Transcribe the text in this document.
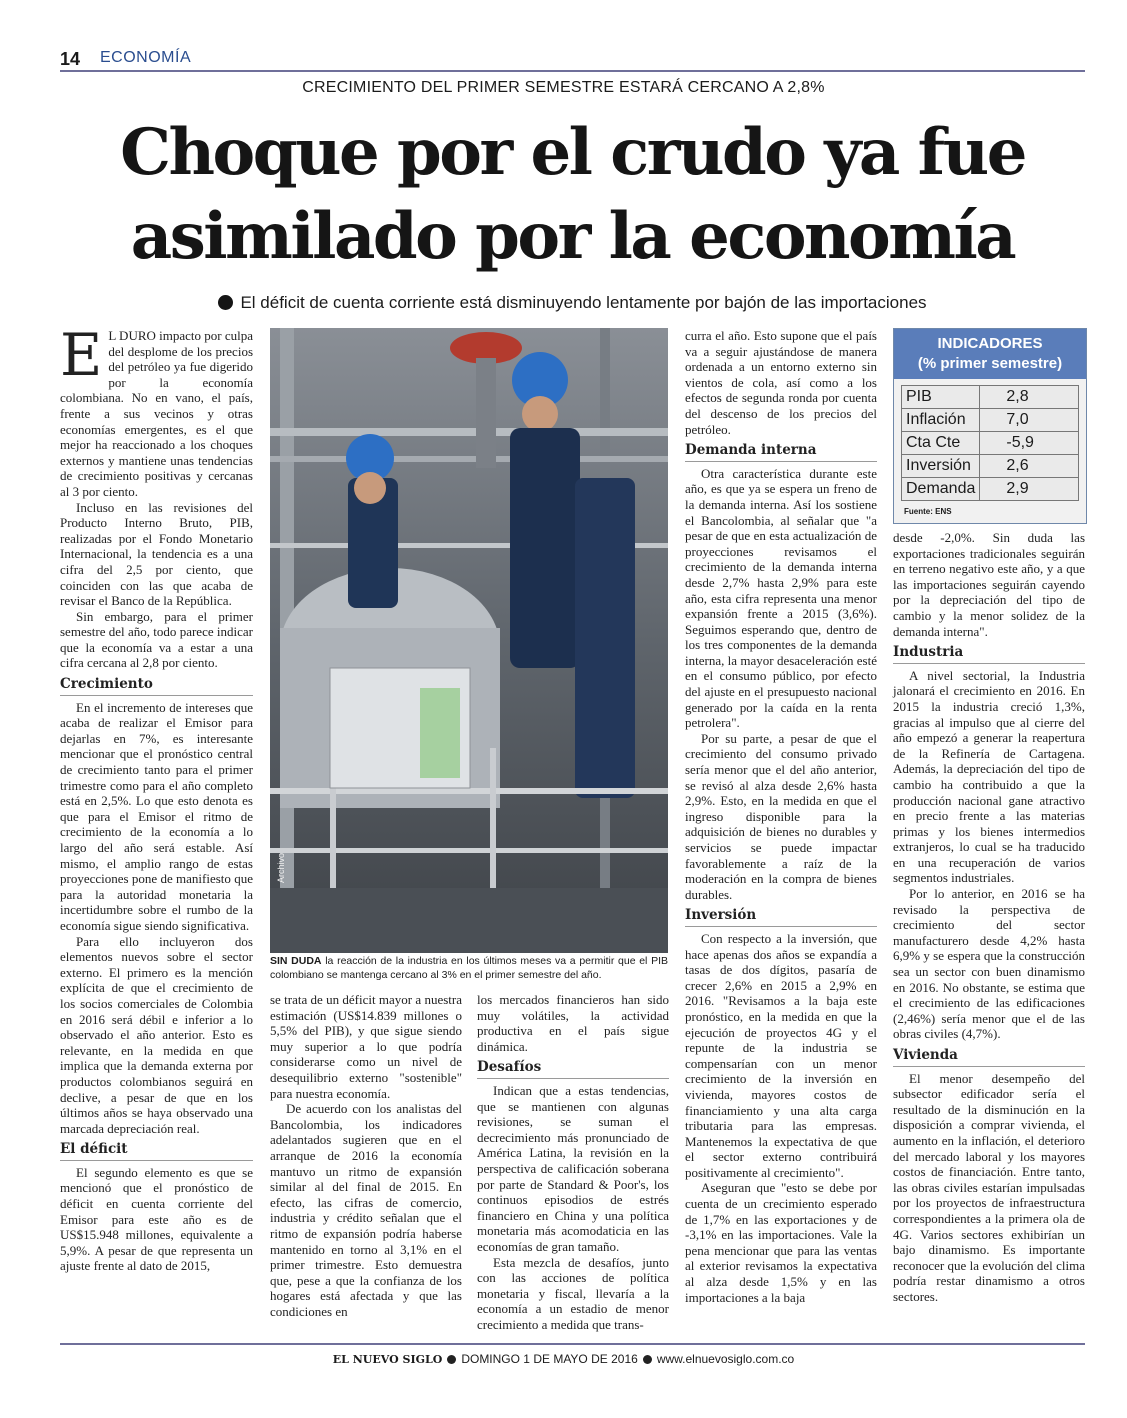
14 ECONOMÍA
CRECIMIENTO DEL PRIMER SEMESTRE ESTARÁ CERCANO A 2,8%
Choque por el crudo ya fue
asimilado por la economía
El déficit de cuenta corriente está disminuyendo lentamente por bajón de las importaciones

E L DURO impacto por culpa del desplome de los precios del petróleo ya fue digerido por la economía colombiana. No en vano, el país, frente a sus vecinos y otras economías emergentes, es el que mejor ha reaccionado a los choques externos y mantiene unas tendencias de crecimiento positivas y cercanas al 3 por ciento.

Incluso en las revisiones del Producto Interno Bruto, PIB, realizadas por el Fondo Monetario Internacional, la tendencia es a una cifra del 2,5 por ciento, que coinciden con las que acaba de revisar el Banco de la República.

Sin embargo, para el primer semestre del año, todo parece indicar que la economía va a estar a una cifra cercana al 2,8 por ciento.

Crecimiento

En el incremento de intereses que acaba de realizar el Emisor para dejarlas en 7%, es interesante mencionar que el pronóstico central de crecimiento tanto para el primer trimestre como para el año completo está en 2,5%. Lo que esto denota es que para el Emisor el ritmo de crecimiento de la economía a lo largo del año será estable. Así mismo, el amplio rango de estas proyecciones pone de manifiesto que para la autoridad monetaria la incertidumbre sobre el rumbo de la economía sigue siendo significativa.

Para ello incluyeron dos elementos nuevos sobre el sector externo. El primero es la mención explícita de que el crecimiento de los socios comerciales de Colombia en 2016 será débil e inferior a lo observado el año anterior. Esto es relevante, en la medida en que implica que la demanda externa por productos colombianos seguirá en declive, a pesar de que en los últimos años se haya observado una marcada depreciación real.

El déficit

El segundo elemento es que se mencionó que el pronóstico de déficit en cuenta corriente del Emisor para este año es de US$15.948 millones, equivalente a 5,9%. A pesar de que representa un ajuste frente al dato de 2015,

Archivo
SIN DUDA la reacción de la industria en los últimos meses va a permitir que el PIB colombiano se mantenga cercano al 3% en el primer semestre del año.

se trata de un déficit mayor a nuestra estimación (US$14.839 millones o 5,5% del PIB), y que sigue siendo muy superior a lo que podría considerarse como un nivel de desequilibrio externo "sostenible" para nuestra economía.

De acuerdo con los analistas del Bancolombia, los indicadores adelantados sugieren que en el arranque de 2016 la economía mantuvo un ritmo de expansión similar al del final de 2015. En efecto, las cifras de comercio, industria y crédito señalan que el ritmo de expansión podría haberse mantenido en torno al 3,1% en el primer trimestre. Esto demuestra que, pese a que la confianza de los hogares está afectada y que las condiciones en

los mercados financieros han sido muy volátiles, la actividad productiva en el país sigue dinámica.

Desafíos

Indican que a estas tendencias, que se mantienen con algunas revisiones, se suman el decrecimiento más pronunciado de América Latina, la revisión en la perspectiva de calificación soberana por parte de Standard & Poor's, los continuos episodios de estrés financiero en China y una política monetaria más acomodaticia en las economías de gran tamaño.

Esta mezcla de desafíos, junto con las acciones de política monetaria y fiscal, llevaría a la economía a un estadio de menor crecimiento a medida que trans-

curra el año. Esto supone que el país va a seguir ajustándose de manera ordenada a un entorno externo sin vientos de cola, así como a los efectos de segunda ronda por cuenta del descenso de los precios del petróleo.

Demanda interna

Otra característica durante este año, es que ya se espera un freno de la demanda interna. Así los sostiene el Bancolombia, al señalar que "a pesar de que en esta actualización de proyecciones revisamos el crecimiento de la demanda interna desde 2,7% hasta 2,9% para este año, esta cifra representa una menor expansión frente a 2015 (3,6%). Seguimos esperando que, dentro de los tres componentes de la demanda interna, la mayor desaceleración esté en el consumo público, por efecto del ajuste en el presupuesto nacional generado por la caída en la renta petrolera".

Por su parte, a pesar de que el crecimiento del consumo privado sería menor que el del año anterior, se revisó al alza desde 2,6% hasta 2,9%. Esto, en la medida en que el ingreso disponible para la adquisición de bienes no durables y servicios se puede impactar favorablemente a raíz de la moderación en la compra de bienes durables.

Inversión

Con respecto a la inversión, que hace apenas dos años se expandía a tasas de dos dígitos, pasaría de crecer 2,6% en 2015 a 2,9% en 2016. "Revisamos a la baja este pronóstico, en la medida en que la ejecución de proyectos 4G y el repunte de la industria se compensarían con un menor crecimiento de la inversión en vivienda, mayores costos de financiamiento y una alta carga tributaria para las empresas. Mantenemos la expectativa de que el sector externo contribuirá positivamente al crecimiento".

Aseguran que "esto se debe por cuenta de un crecimiento esperado de 1,7% en las exportaciones y de -3,1% en las importaciones. Vale la pena mencionar que para las ventas al exterior revisamos la expectativa al alza desde 1,5% y en las importaciones a la baja

INDICADORES
(% primer semestre)
PIB	2,8
Inflación	7,0
Cta Cte	-5,9
Inversión	2,6
Demanda	2,9
Fuente: ENS

desde -2,0%. Sin duda las exportaciones tradicionales seguirán en terreno negativo este año, y a que las importaciones seguirán cayendo por la depreciación del tipo de cambio y la menor solidez de la demanda interna".

Industria

A nivel sectorial, la Industria jalonará el crecimiento en 2016. En 2015 la industria creció 1,3%, gracias al impulso que al cierre del año empezó a generar la reapertura de la Refinería de Cartagena. Además, la depreciación del tipo de cambio ha contribuido a que la producción nacional gane atractivo en precio frente a las materias primas y los bienes intermedios extranjeros, lo cual se ha traducido en una recuperación de varios segmentos industriales.

Por lo anterior, en 2016 se ha revisado la perspectiva de crecimiento del sector manufacturero desde 4,2% hasta 6,9% y se espera que la construcción sea un sector con buen dinamismo en 2016. No obstante, se estima que el crecimiento de las edificaciones (2,46%) sería menor que el de las obras civiles (4,7%).

Vivienda

El menor desempeño del subsector edificador sería el resultado de la disminución en la disposición a comprar vivienda, el aumento en la inflación, el deterioro del mercado laboral y los mayores costos de financiación. Entre tanto, las obras civiles estarían impulsadas por los proyectos de infraestructura correspondientes a la primera ola de 4G. Varios sectores exhibirían un bajo dinamismo. Es importante reconocer que la evolución del clima podría restar dinamismo a otros sectores.

EL NUEVO SIGLO DOMINGO 1 DE MAYO DE 2016 www.elnuevosiglo.com.co
